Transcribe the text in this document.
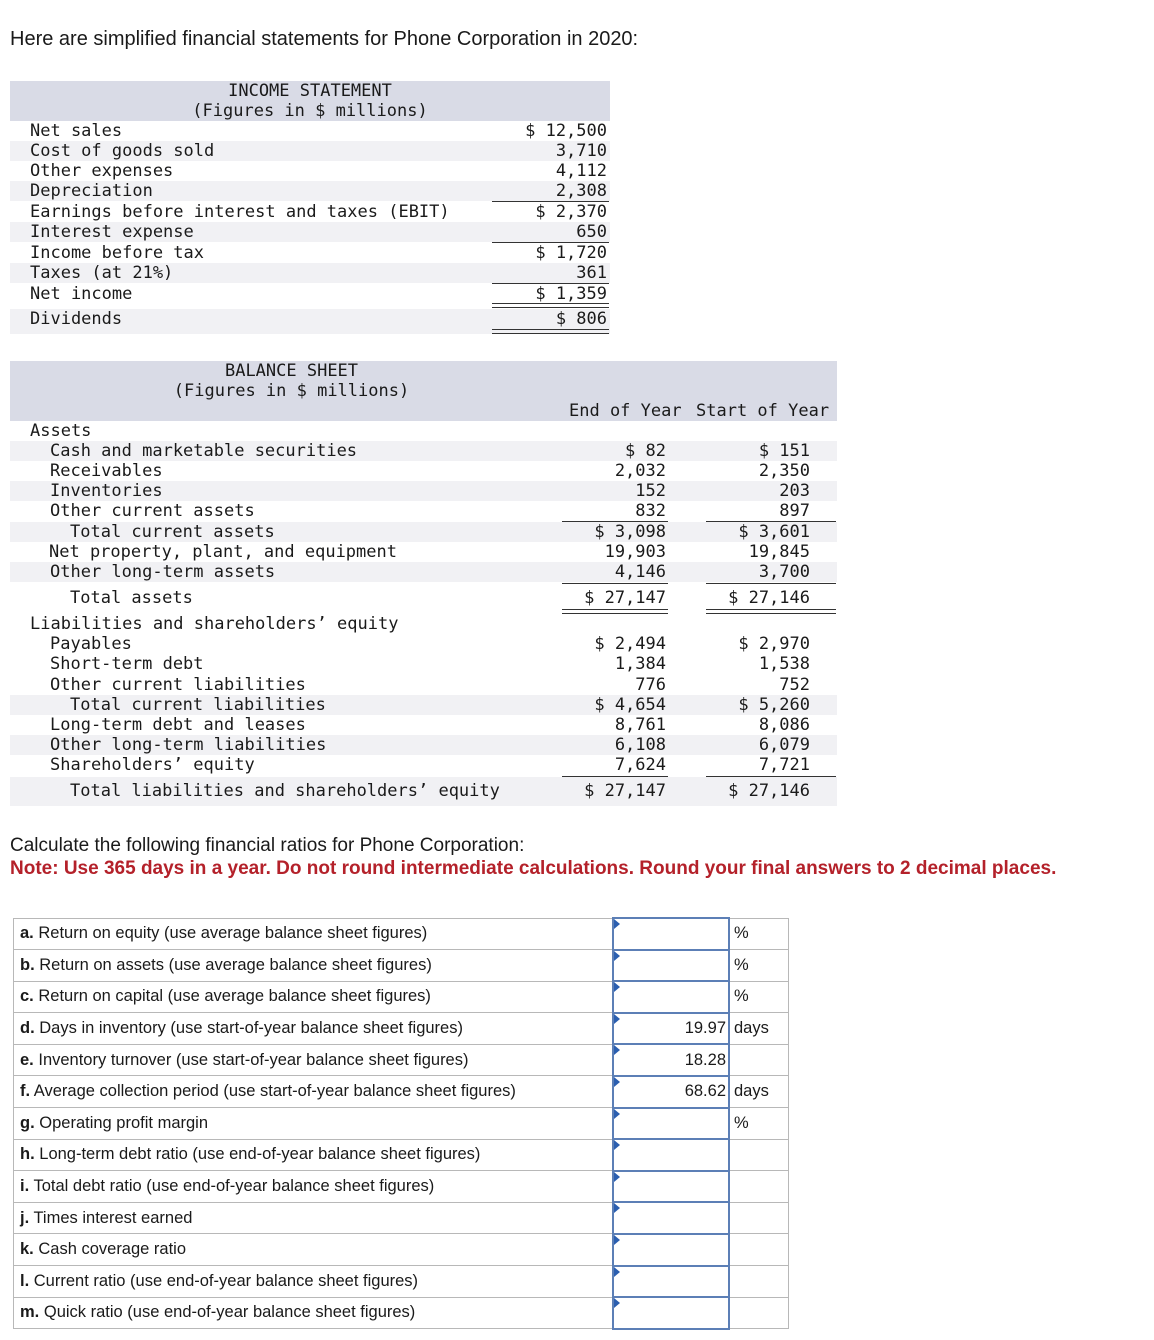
Here are simplified financial statements for Phone Corporation in 2020:
INCOME STATEMENT
(Figures in $ millions)
Net sales	$ 12,500
Cost of goods sold	3,710
Other expenses	4,112
Depreciation	2,308
Earnings before interest and taxes (EBIT)	$ 2,370
Interest expense	650
Income before tax	$ 1,720
Taxes (at 21%)	361
Net income	$ 1,359
Dividends	$ 806
BALANCE SHEET
(Figures in $ millions)
End of Year Start of Year
Assets
Cash and marketable securities	$ 82	$ 151
Receivables	2,032	2,350
Inventories	152	203
Other current assets	832	897
Total current assets	$ 3,098	$ 3,601
Net property, plant, and equipment	19,903	19,845
Other long-term assets	4,146	3,700
Total assets	$ 27,147	$ 27,146
Liabilities and shareholders’ equity
Payables	$ 2,494	$ 2,970
Short-term debt	1,384	1,538
Other current liabilities	776	752
Total current liabilities	$ 4,654	$ 5,260
Long-term debt and leases	8,761	8,086
Other long-term liabilities	6,108	6,079
Shareholders’ equity	7,624	7,721
Total liabilities and shareholders’ equity	$ 27,147	$ 27,146
Calculate the following financial ratios for Phone Corporation:
Note: Use 365 days in a year. Do not round intermediate calculations. Round your final answers to 2 decimal places.
a. Return on equity (use average balance sheet figures)		%
b. Return on assets (use average balance sheet figures)		%
c. Return on capital (use average balance sheet figures)		%
d. Days in inventory (use start-of-year balance sheet figures)	19.97	days
e. Inventory turnover (use start-of-year balance sheet figures)	18.28	
f. Average collection period (use start-of-year balance sheet figures)	68.62	days
g. Operating profit margin		%
h. Long-term debt ratio (use end-of-year balance sheet figures)		
i. Total debt ratio (use end-of-year balance sheet figures)		
j. Times interest earned		
k. Cash coverage ratio		
l. Current ratio (use end-of-year balance sheet figures)		
m. Quick ratio (use end-of-year balance sheet figures)		
